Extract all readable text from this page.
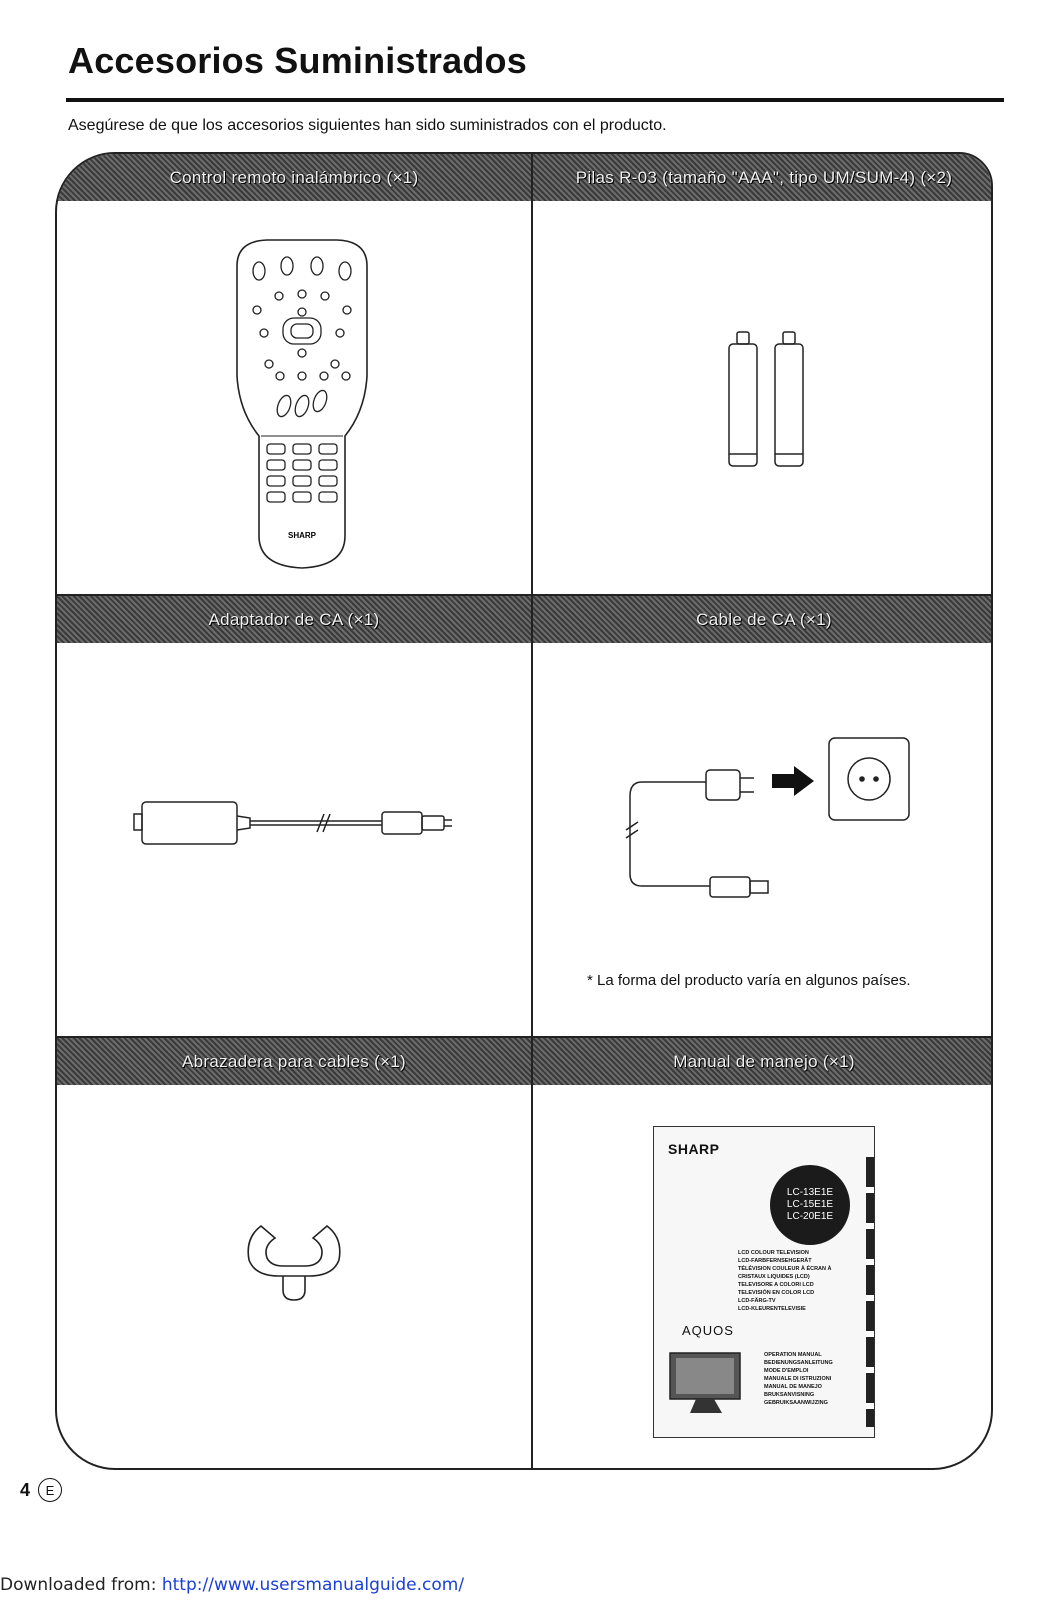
Accesorios Suministrados
Asegúrese de que los accesorios siguientes han sido suministrados con el producto.
Control remoto inalámbrico (×1)	Pilas R-03 (tamaño "AAA", tipo UM/SUM-4) (×2)
Adaptador de CA (×1)	Cable de CA (×1)
Abrazadera para cables (×1)	Manual de manejo (×1)
SHARP
* La forma del producto varía en algunos países.
SHARP
LC-13E1E
LC-15E1E
LC-20E1E
LCD COLOUR TELEVISION
LCD-FARBFERNSEHGERÄT
TÉLÉVISION COULEUR À ÉCRAN À CRISTAUX LIQUIDES (LCD)
TELEVISORE A COLORI LCD
TELEVISIÓN EN COLOR LCD
LCD-FÄRG-TV
LCD-KLEURENTELEVISIE
AQUOS
OPERATION MANUAL
BEDIENUNGSANLEITUNG
MODE D'EMPLOI
MANUALE DI ISTRUZIONI
MANUAL DE MANEJO
BRUKSANVISNING
GEBRUIKSAANWIJZING
4	E
Downloaded from: http://www.usersmanualguide.com/
